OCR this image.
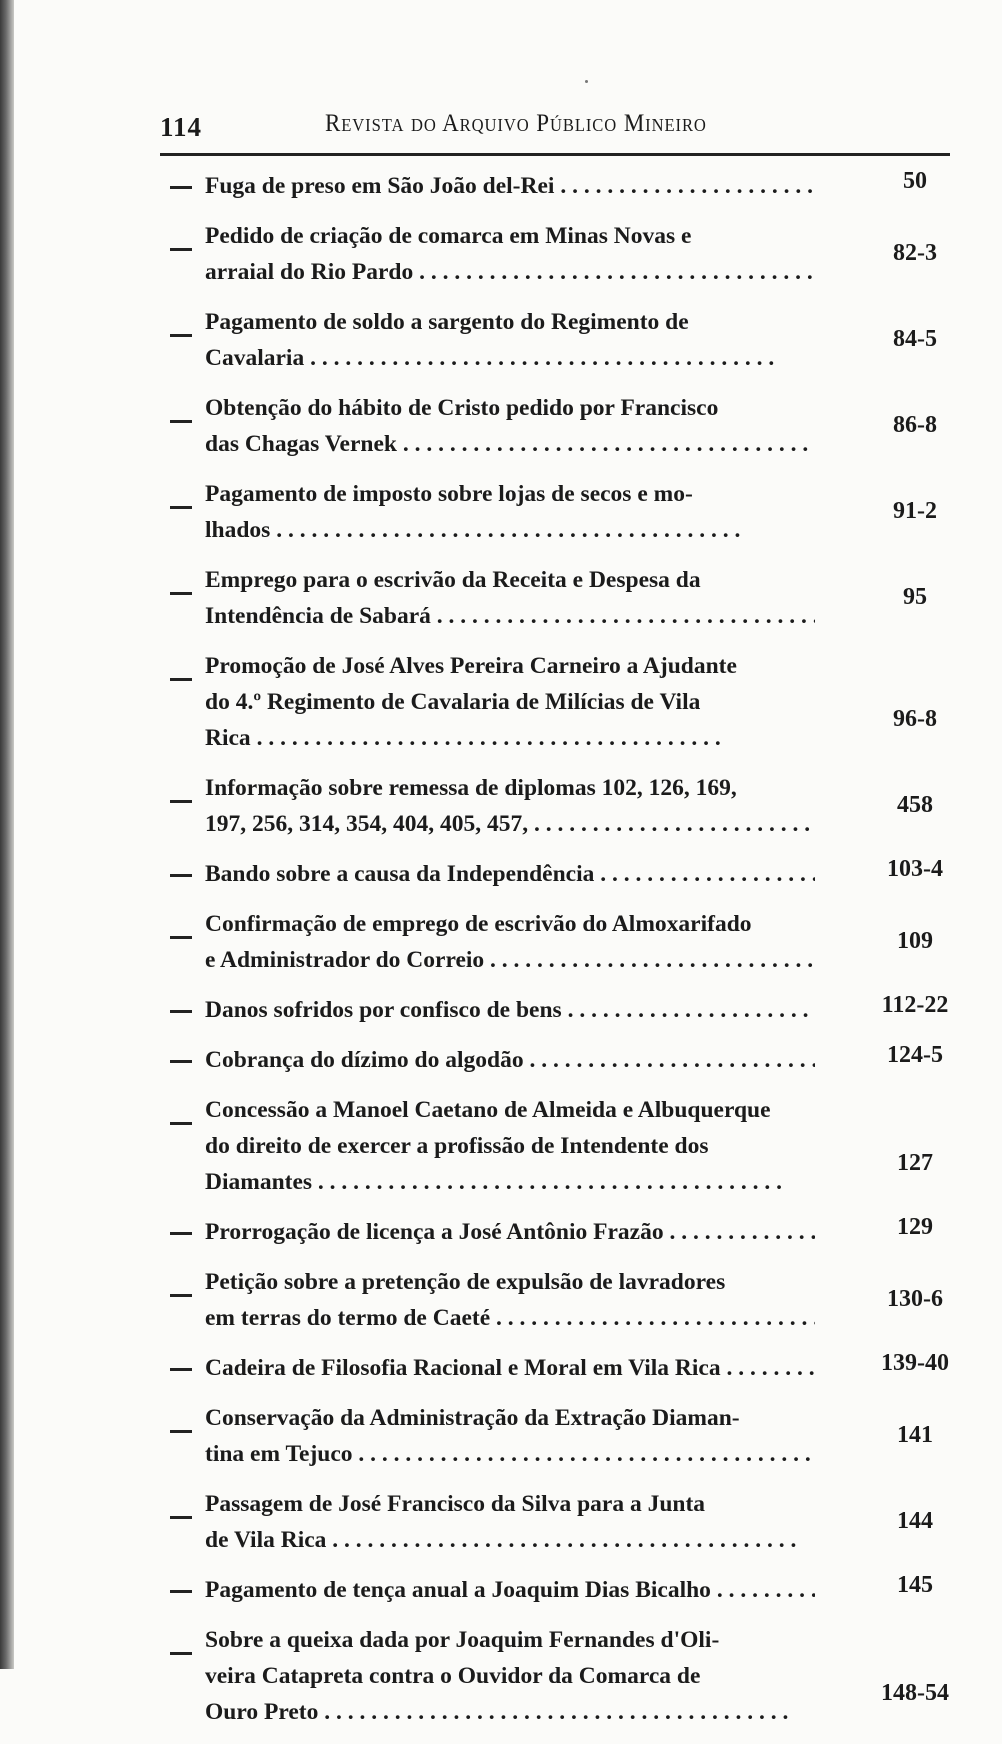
114	Revista do Arquivo Público Mineiro
Fuga de preso em São João del-Rei . . .	50
Pedido de criação de comarca em Minas Novas e
arraial do Rio Pardo . . .
82-3
Pagamento de soldo a sargento do Regimento de
Cavalaria . . .
84-5
Obtenção do hábito de Cristo pedido por Francisco
das Chagas Vernek . . .
86-8
Pagamento de imposto sobre lojas de secos e mo-
lhados . . .
91-2
Emprego para o escrivão da Receita e Despesa da
Intendência de Sabará . . .
95
Promoção de José Alves Pereira Carneiro a Ajudante
do 4.º Regimento de Cavalaria de Milícias de Vila
Rica . . .
96-8
Informação sobre remessa de diplomas 102, 126, 169,
197, 256, 314, 354, 404, 405, 457, . . .
458
Bando sobre a causa da Independência . . .	103-4
Confirmação de emprego de escrivão do Almoxarifado
e Administrador do Correio . . .
109
Danos sofridos por confisco de bens . . .	112-22
Cobrança do dízimo do algodão . . .	124-5
Concessão a Manoel Caetano de Almeida e Albuquerque
do direito de exercer a profissão de Intendente dos
Diamantes . . .
127
Prorrogação de licença a José Antônio Frazão . . .	129
Petição sobre a pretenção de expulsão de lavradores
em terras do termo de Caeté . . .
130-6
Cadeira de Filosofia Racional e Moral em Vila Rica . . .	139-40
Conservação da Administração da Extração Diaman-
tina em Tejuco . . .
141
Passagem de José Francisco da Silva para a Junta
de Vila Rica . . .
144
Pagamento de tença anual a Joaquim Dias Bicalho . . .	145
Sobre a queixa dada por Joaquim Fernandes d'Oli-
veira Catapreta contra o Ouvidor da Comarca de
Ouro Preto . . .
148-54
